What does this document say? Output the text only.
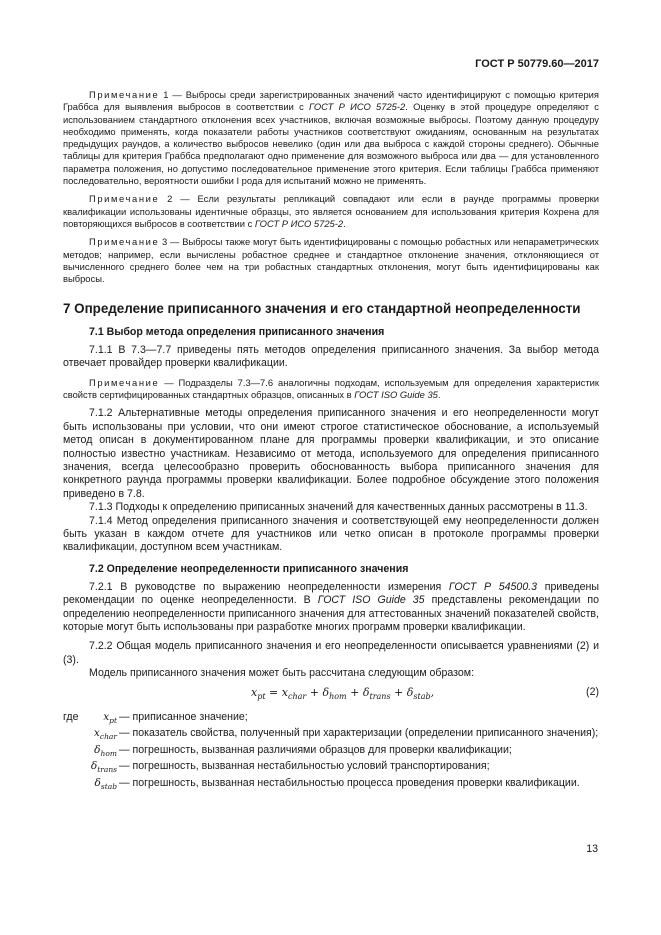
ГОСТ Р 50779.60—2017

Примечание 1 — Выбросы среди зарегистрированных значений часто идентифицируют с помощью критерия Граббса для выявления выбросов в соответствии с ГОСТ Р ИСО 5725-2. Оценку в этой процедуре определяют с использованием стандартного отклонения всех участников, включая возможные выбросы. Поэтому данную процедуру необходимо применять, когда показатели работы участников соответствуют ожиданиям, основанным на результатах предыдущих раундов, а количество выбросов невелико (один или два выброса с каждой стороны среднего). Обычные таблицы для критерия Граббса предполагают одно применение для возможного выброса или два — для установленного параметра положения, но допустимо последовательное применение этого критерия. Если таблицы Граббса применяют последовательно, вероятности ошибки I рода для испытаний можно не применять.

Примечание 2 — Если результаты репликаций совпадают или если в раунде программы проверки квалификации использованы идентичные образцы, это является основанием для использования критерия Кохрена для повторяющихся выбросов в соответствии с ГОСТ Р ИСО 5725-2.

Примечание 3 — Выбросы также могут быть идентифицированы с помощью робастных или непараметрических методов; например, если вычислены робастное среднее и стандартное отклонение значения, отклоняющиеся от вычисленного среднего более чем на три робастных стандартных отклонения, могут быть идентифицированы как выбросы.

7 Определение приписанного значения и его стандартной неопределенности
7.1 Выбор метода определения приписанного значения

7.1.1 В 7.3—7.7 приведены пять методов определения приписанного значения. За выбор метода отвечает провайдер проверки квалификации.

Примечание — Подразделы 7.3—7.6 аналогичны подходам, используемым для определения характеристик свойств сертифицированных стандартных образцов, описанных в ГОСТ ISO Guide 35.

7.1.2 Альтернативные методы определения приписанного значения и его неопределенности могут быть использованы при условии, что они имеют строгое статистическое обоснование, а используемый метод описан в документированном плане для программы проверки квалификации, и это описание полностью известно участникам. Независимо от метода, используемого для определения приписанного значения, всегда целесообразно проверить обоснованность выбора приписанного значения для конкретного раунда программы проверки квалификации. Более подробное обсуждение этого положения приведено в 7.8.

7.1.3 Подходы к определению приписанных значений для качественных данных рассмотрены в 11.3.

7.1.4 Метод определения приписанного значения и соответствующей ему неопределенности должен быть указан в каждом отчете для участников или четко описан в протоколе программы проверки квалификации, доступном всем участникам.

7.2 Определение неопределенности приписанного значения

7.2.1 В руководстве по выражению неопределенности измерения ГОСТ Р 54500.3 приведены рекомендации по оценке неопределенности. В ГОСТ ISO Guide 35 представлены рекомендации по определению неопределенности приписанного значения для аттестованных значений показателей свойств, которые могут быть использованы при разработке многих программ проверки квалификации.

7.2.2 Общая модель приписанного значения и его неопределенности описывается уравнениями (2) и (3).

Модель приписанного значения может быть рассчитана следующим образом:

$x_{pt} = x_{char} + \delta_{hom} + \delta_{trans} + \delta_{stab}$,	(2)
где	$x_{pt}$ — приписанное значение;
$x_{char}$ — показатель свойства, полученный при характеризации (определении приписанного значения);
$\delta_{hom}$ — погрешность, вызванная различиями образцов для проверки квалификации;
$\delta_{trans}$ — погрешность, вызванная нестабильностью условий транспортирования;
$\delta_{stab}$ — погрешность, вызванная нестабильностью процесса проведения проверки квалификации.
13
